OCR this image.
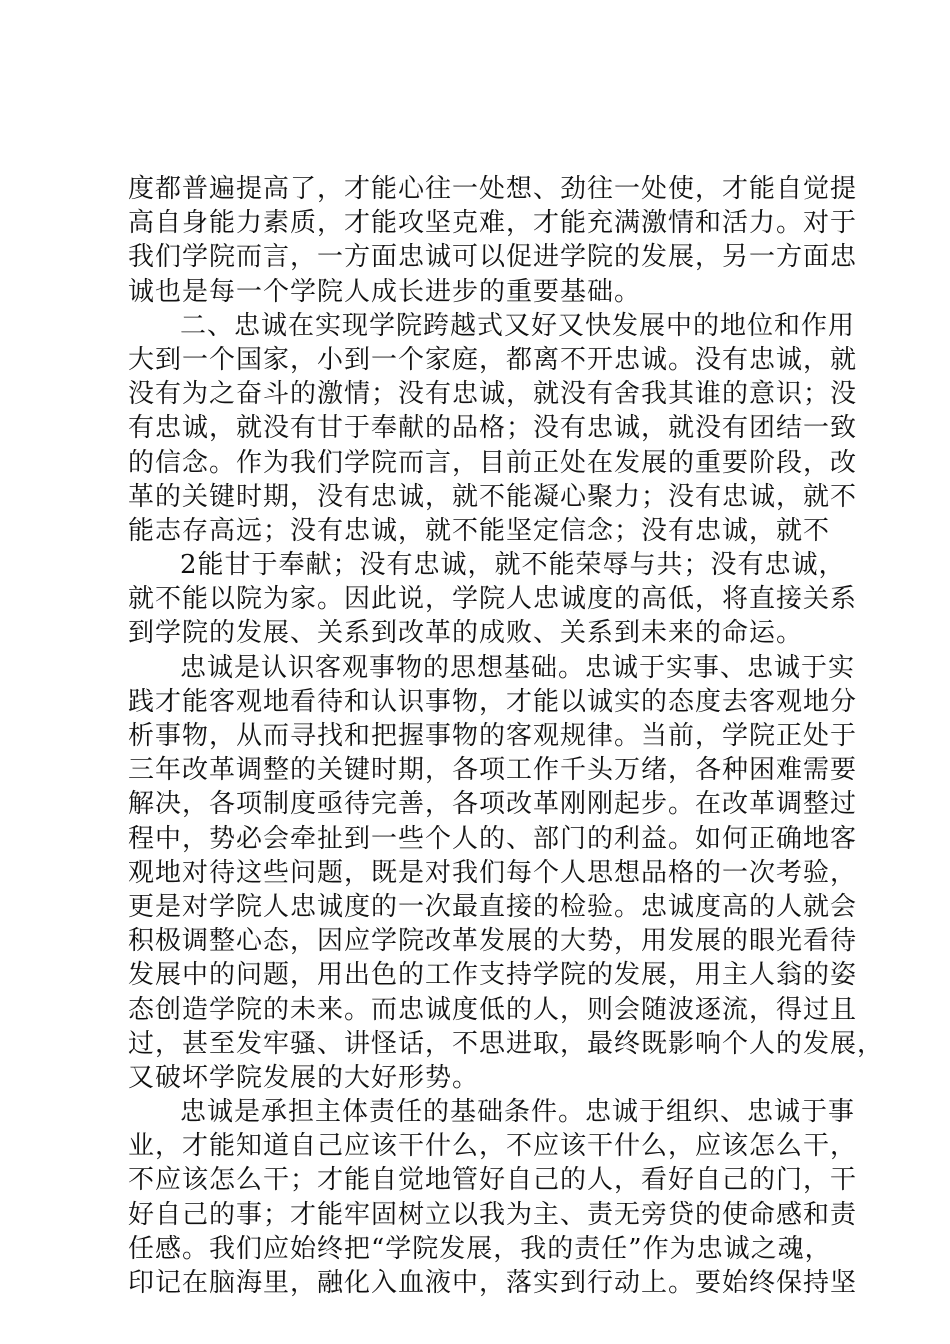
度都普遍提高了，才能心往一处想、劲往一处使，才能自觉提
高自身能力素质，才能攻坚克难，才能充满激情和活力。对于
我们学院而言，一方面忠诚可以促进学院的发展，另一方面忠
诚也是每一个学院人成长进步的重要基础。
二、忠诚在实现学院跨越式又好又快发展中的地位和作用
大到一个国家，小到一个家庭，都离不开忠诚。没有忠诚，就
没有为之奋斗的激情；没有忠诚，就没有舍我其谁的意识；没
有忠诚，就没有甘于奉献的品格；没有忠诚，就没有团结一致
的信念。作为我们学院而言，目前正处在发展的重要阶段，改
革的关键时期，没有忠诚，就不能凝心聚力；没有忠诚，就不
能志存高远；没有忠诚，就不能坚定信念；没有忠诚，就不
2能甘于奉献；没有忠诚，就不能荣辱与共；没有忠诚，
就不能以院为家。因此说，学院人忠诚度的高低，将直接关系
到学院的发展、关系到改革的成败、关系到未来的命运。
忠诚是认识客观事物的思想基础。忠诚于实事、忠诚于实
践才能客观地看待和认识事物，才能以诚实的态度去客观地分
析事物，从而寻找和把握事物的客观规律。当前，学院正处于
三年改革调整的关键时期，各项工作千头万绪，各种困难需要
解决，各项制度亟待完善，各项改革刚刚起步。在改革调整过
程中，势必会牵扯到一些个人的、部门的利益。如何正确地客
观地对待这些问题，既是对我们每个人思想品格的一次考验，
更是对学院人忠诚度的一次最直接的检验。忠诚度高的人就会
积极调整心态，因应学院改革发展的大势，用发展的眼光看待
发展中的问题，用出色的工作支持学院的发展，用主人翁的姿
态创造学院的未来。而忠诚度低的人，则会随波逐流，得过且
过，甚至发牢骚、讲怪话，不思进取，最终既影响个人的发展，
又破坏学院发展的大好形势。
忠诚是承担主体责任的基础条件。忠诚于组织、忠诚于事
业，才能知道自己应该干什么，不应该干什么，应该怎么干，
不应该怎么干；才能自觉地管好自己的人，看好自己的门，干
好自己的事；才能牢固树立以我为主、责无旁贷的使命感和责
任感。我们应始终把“学院发展，我的责任”作为忠诚之魂，
印记在脑海里，融化入血液中，落实到行动上。要始终保持坚
